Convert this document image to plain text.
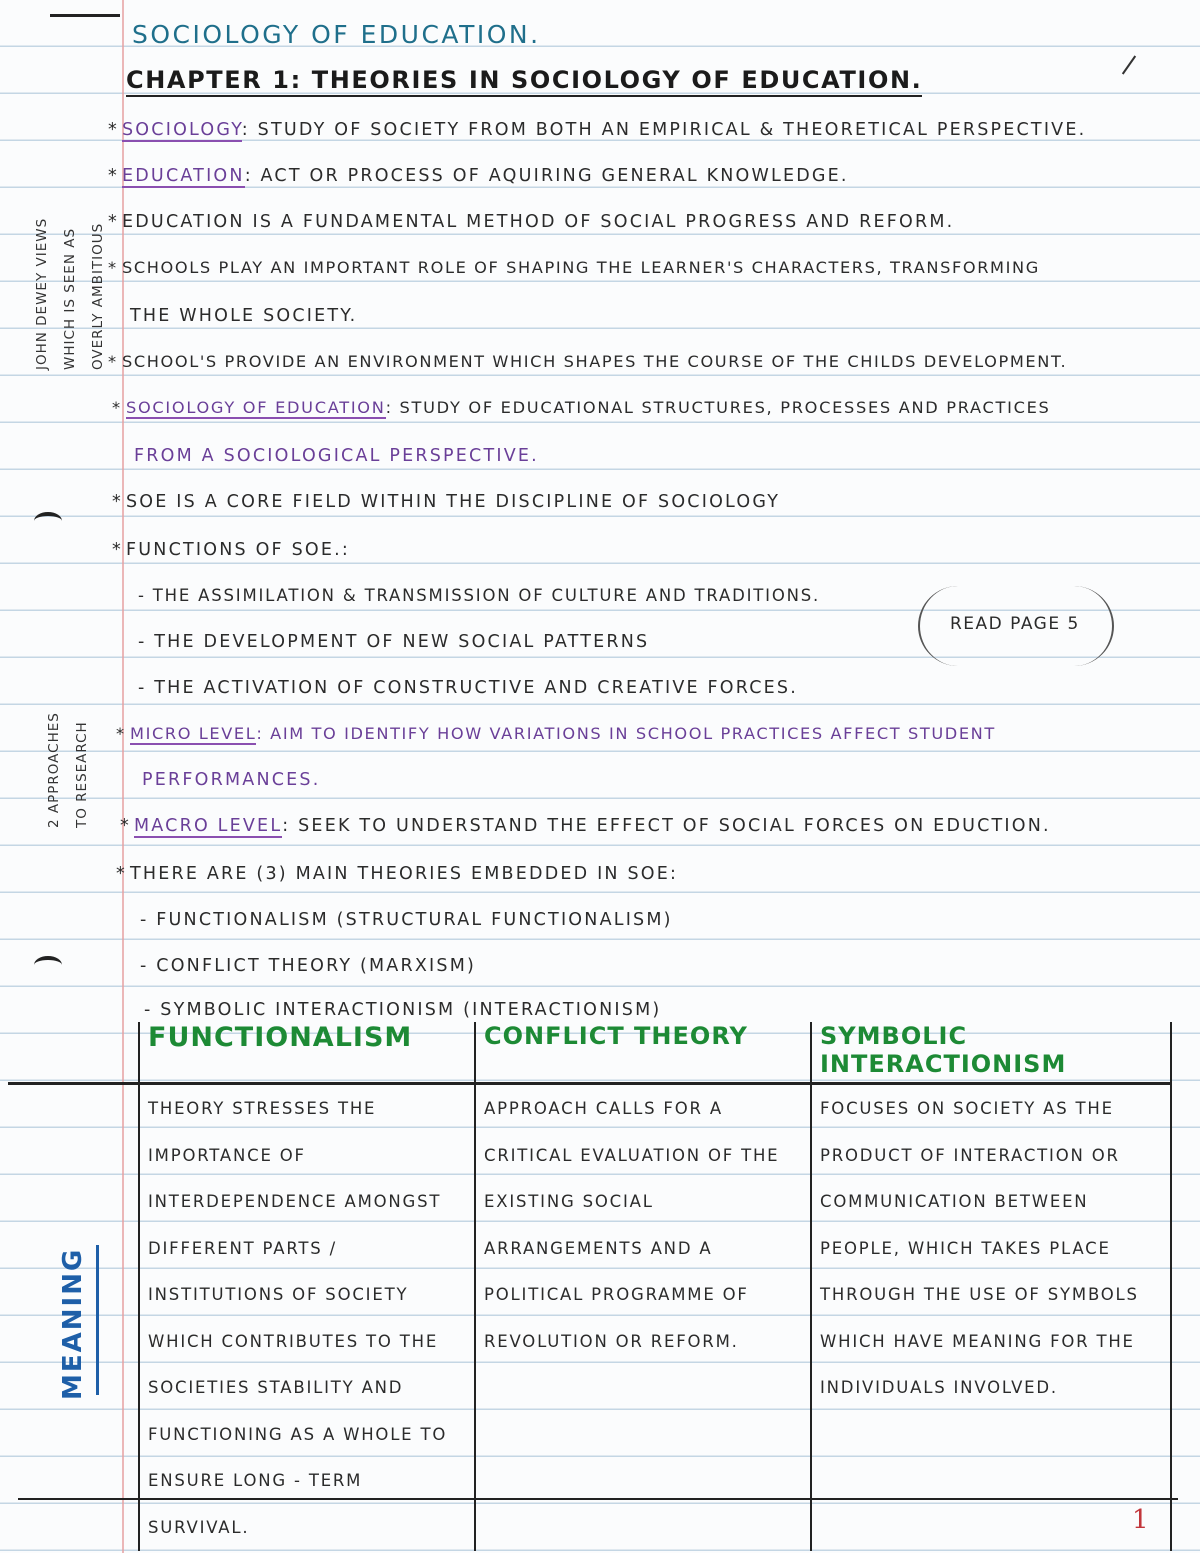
SOCIOLOGY OF EDUCATION.
CHAPTER 1: THEORIES IN SOCIOLOGY OF EDUCATION.
* SOCIOLOGY: STUDY OF SOCIETY FROM BOTH AN EMPIRICAL & THEORETICAL PERSPECTIVE.
* EDUCATION: ACT OR PROCESS OF AQUIRING GENERAL KNOWLEDGE.
* EDUCATION IS A FUNDAMENTAL METHOD OF SOCIAL PROGRESS AND REFORM.
* SCHOOLS PLAY AN IMPORTANT ROLE OF SHAPING THE LEARNER'S CHARACTERS, TRANSFORMING
THE WHOLE SOCIETY.
* SCHOOL'S PROVIDE AN ENVIRONMENT WHICH SHAPES THE COURSE OF THE CHILDS DEVELOPMENT.
* SOCIOLOGY OF EDUCATION: STUDY OF EDUCATIONAL STRUCTURES, PROCESSES AND PRACTICES
FROM A SOCIOLOGICAL PERSPECTIVE.
* SOE IS A CORE FIELD WITHIN THE DISCIPLINE OF SOCIOLOGY
* FUNCTIONS OF SOE.:
- THE ASSIMILATION & TRANSMISSION OF CULTURE AND TRADITIONS.
- THE DEVELOPMENT OF NEW SOCIAL PATTERNS
- THE ACTIVATION OF CONSTRUCTIVE AND CREATIVE FORCES.
* MICRO LEVEL: AIM TO IDENTIFY HOW VARIATIONS IN SCHOOL PRACTICES AFFECT STUDENT
PERFORMANCES.
* MACRO LEVEL: SEEK TO UNDERSTAND THE EFFECT OF SOCIAL FORCES ON EDUCTION.
* THERE ARE (3) MAIN THEORIES EMBEDDED IN SOE:
- FUNCTIONALISM (STRUCTURAL FUNCTIONALISM)
- CONFLICT THEORY (MARXISM)
- SYMBOLIC INTERACTIONISM (INTERACTIONISM)
JOHN DEWEY VIEWS WHICH IS SEEN AS OVERLY AMBITIOUS
2 APPROACHES TO RESEARCH
READ PAGE 5
FUNCTIONALISM	CONFLICT THEORY	SYMBOLIC INTERACTIONISM
THEORY STRESSES THE IMPORTANCE OF INTERDEPENDENCE AMONGST DIFFERENT PARTS / INSTITUTIONS OF SOCIETY WHICH CONTRIBUTES TO THE SOCIETIES STABILITY AND FUNCTIONING AS A WHOLE TO ENSURE LONG - TERM SURVIVAL.	APPROACH CALLS FOR A CRITICAL EVALUATION OF THE EXISTING SOCIAL ARRANGEMENTS AND A POLITICAL PROGRAMME OF REVOLUTION OR REFORM.	FOCUSES ON SOCIETY AS THE PRODUCT OF INTERACTION OR COMMUNICATION BETWEEN PEOPLE, WHICH TAKES PLACE THROUGH THE USE OF SYMBOLS WHICH HAVE MEANING FOR THE INDIVIDUALS INVOLVED.
MEANING
1
